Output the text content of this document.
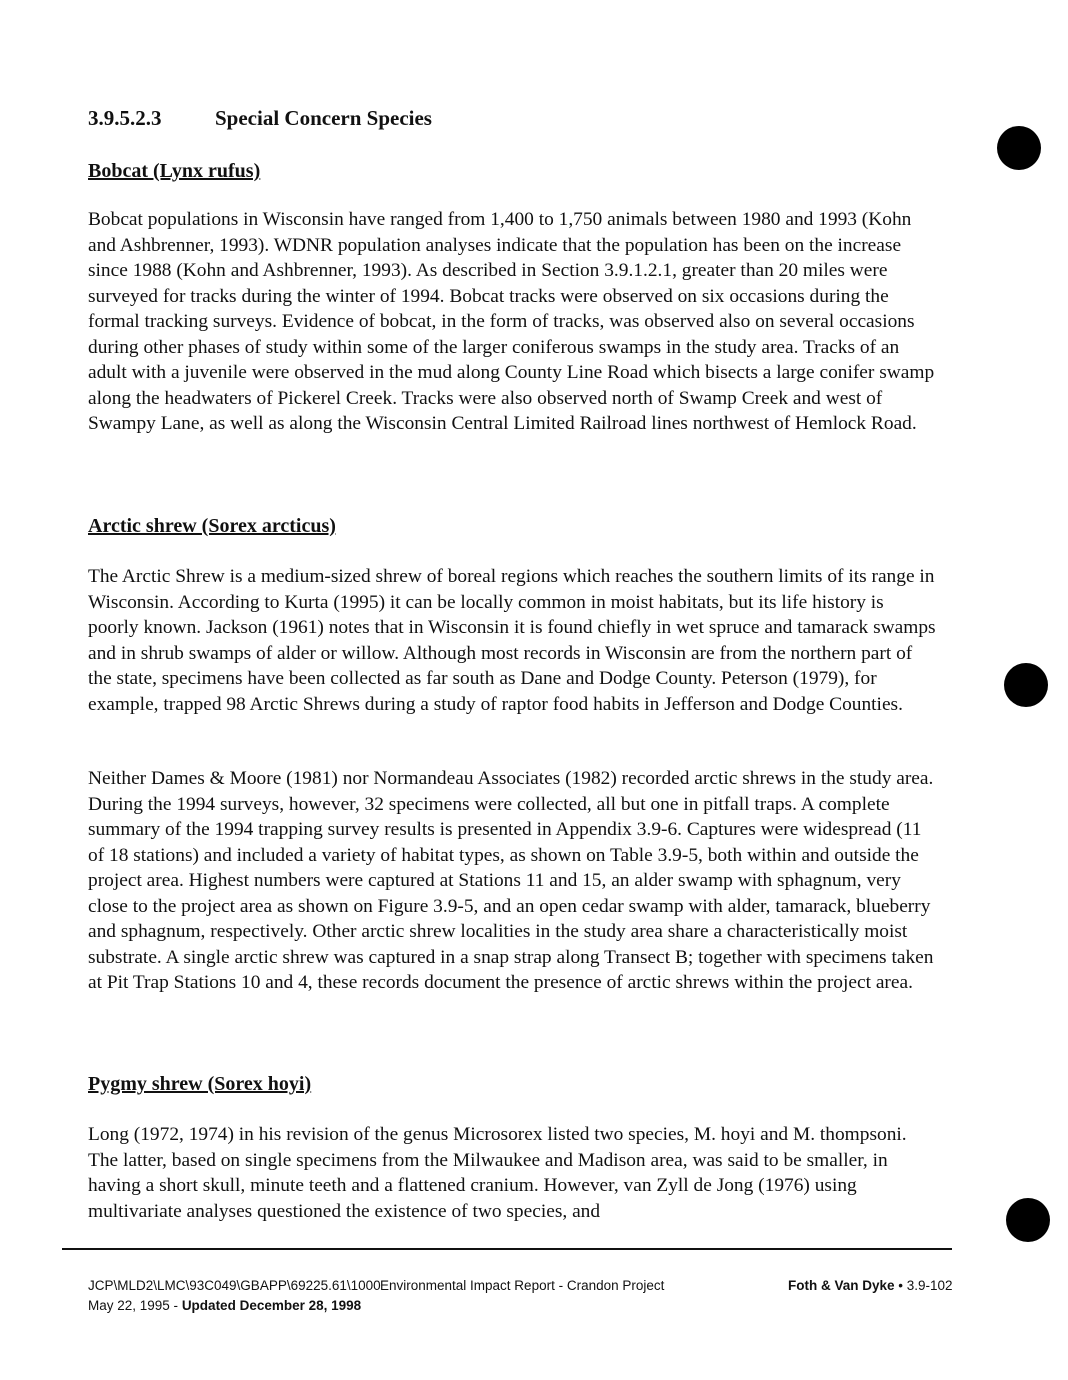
3.9.5.2.3	Special Concern Species
Bobcat (Lynx rufus)

Bobcat populations in Wisconsin have ranged from 1,400 to 1,750 animals between 1980 and 1993 (Kohn and Ashbrenner, 1993). WDNR population analyses indicate that the population has been on the increase since 1988 (Kohn and Ashbrenner, 1993). As described in Section 3.9.1.2.1, greater than 20 miles were surveyed for tracks during the winter of 1994. Bobcat tracks were observed on six occasions during the formal tracking surveys. Evidence of bobcat, in the form of tracks, was observed also on several occasions during other phases of study within some of the larger coniferous swamps in the study area. Tracks of an adult with a juvenile were observed in the mud along County Line Road which bisects a large conifer swamp along the headwaters of Pickerel Creek. Tracks were also observed north of Swamp Creek and west of Swampy Lane, as well as along the Wisconsin Central Limited Railroad lines northwest of Hemlock Road.

Arctic shrew (Sorex arcticus)

The Arctic Shrew is a medium-sized shrew of boreal regions which reaches the southern limits of its range in Wisconsin. According to Kurta (1995) it can be locally common in moist habitats, but its life history is poorly known. Jackson (1961) notes that in Wisconsin it is found chiefly in wet spruce and tamarack swamps and in shrub swamps of alder or willow. Although most records in Wisconsin are from the northern part of the state, specimens have been collected as far south as Dane and Dodge County. Peterson (1979), for example, trapped 98 Arctic Shrews during a study of raptor food habits in Jefferson and Dodge Counties.

Neither Dames & Moore (1981) nor Normandeau Associates (1982) recorded arctic shrews in the study area. During the 1994 surveys, however, 32 specimens were collected, all but one in pitfall traps. A complete summary of the 1994 trapping survey results is presented in Appendix 3.9-6. Captures were widespread (11 of 18 stations) and included a variety of habitat types, as shown on Table 3.9-5, both within and outside the project area. Highest numbers were captured at Stations 11 and 15, an alder swamp with sphagnum, very close to the project area as shown on Figure 3.9-5, and an open cedar swamp with alder, tamarack, blueberry and sphagnum, respectively. Other arctic shrew localities in the study area share a characteristically moist substrate. A single arctic shrew was captured in a snap strap along Transect B; together with specimens taken at Pit Trap Stations 10 and 4, these records document the presence of arctic shrews within the project area.

Pygmy shrew (Sorex hoyi)

Long (1972, 1974) in his revision of the genus Microsorex listed two species, M. hoyi and M. thompsoni. The latter, based on single specimens from the Milwaukee and Madison area, was said to be smaller, in having a short skull, minute teeth and a flattened cranium. However, van Zyll de Jong (1976) using multivariate analyses questioned the existence of two species, and

JCP\MLD2\LMC\93C049\GBAPP\69225.61\1000

May 22, 1995 - Updated December 28, 1998

Environmental Impact Report - Crandon Project	Foth & Van Dyke • 3.9-102
